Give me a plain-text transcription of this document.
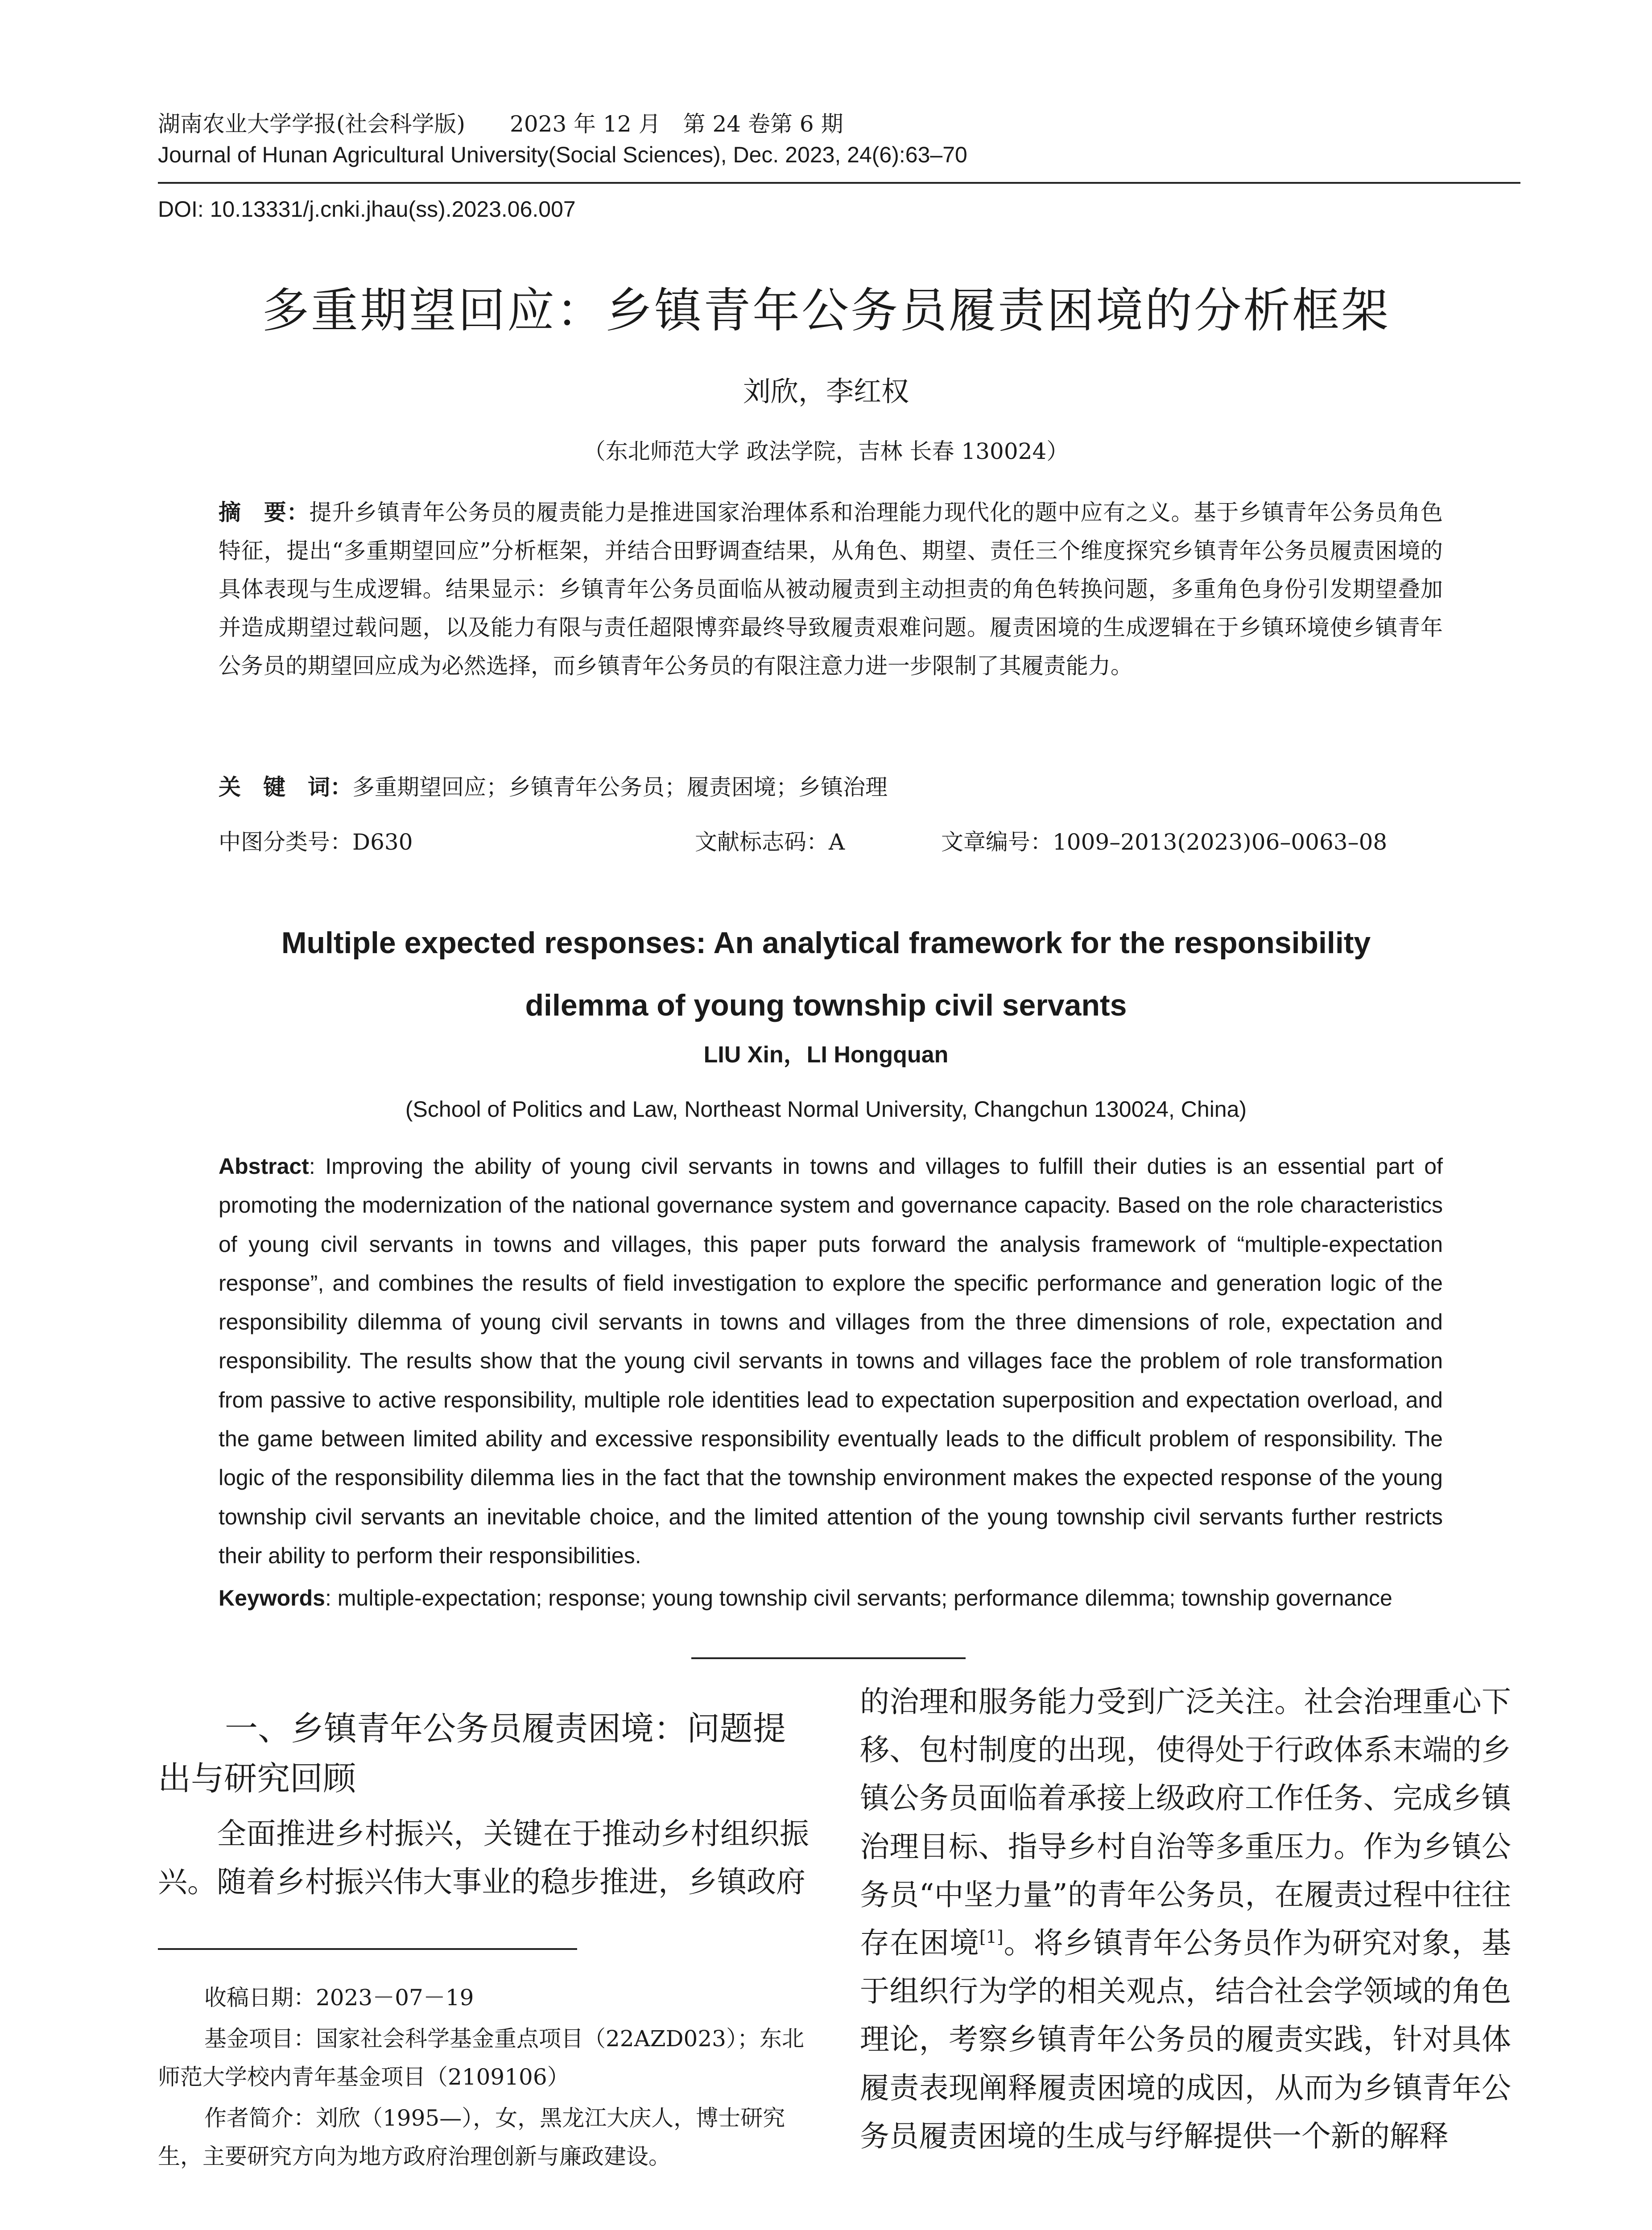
湖南农业大学学报(社会科学版)　　2023 年 12 月　第 24 卷第 6 期
Journal of Hunan Agricultural University(Social Sciences), Dec. 2023, 24(6):63–70
DOI: 10.13331/j.cnki.jhau(ss).2023.06.007
多重期望回应：乡镇青年公务员履责困境的分析框架
刘欣，李红权
（东北师范大学 政法学院，吉林 长春 130024）
摘　要：提升乡镇青年公务员的履责能力是推进国家治理体系和治理能力现代化的题中应有之义。基于乡镇青年公务员角色特征，提出“多重期望回应”分析框架，并结合田野调查结果，从角色、期望、责任三个维度探究乡镇青年公务员履责困境的具体表现与生成逻辑。结果显示：乡镇青年公务员面临从被动履责到主动担责的角色转换问题，多重角色身份引发期望叠加并造成期望过载问题，以及能力有限与责任超限博弈最终导致履责艰难问题。履责困境的生成逻辑在于乡镇环境使乡镇青年公务员的期望回应成为必然选择，而乡镇青年公务员的有限注意力进一步限制了其履责能力。
关　键　词：多重期望回应；乡镇青年公务员；履责困境；乡镇治理
中图分类号：D630	文献标志码：A	文章编号：1009–2013(2023)06–0063–08
Multiple expected responses: An analytical framework for the responsibility
dilemma of young township civil servants
LIU Xin，LI Hongquan
(School of Politics and Law, Northeast Normal University, Changchun 130024, China)
Abstract: Improving the ability of young civil servants in towns and villages to fulfill their duties is an essential part of promoting the modernization of the national governance system and governance capacity. Based on the role characteristics of young civil servants in towns and villages, this paper puts forward the analysis framework of “multiple-expectation response”, and combines the results of field investigation to explore the specific performance and generation logic of the responsibility dilemma of young civil servants in towns and villages from the three dimensions of role, expectation and responsibility. The results show that the young civil servants in towns and villages face the problem of role transformation from passive to active responsibility, multiple role identities lead to expectation superposition and expectation overload, and the game between limited ability and excessive responsibility eventually leads to the difficult problem of responsibility. The logic of the responsibility dilemma lies in the fact that the township environment makes the expected response of the young township civil servants an inevitable choice, and the limited attention of the young township civil servants further restricts their ability to perform their responsibilities.
Keywords: multiple-expectation; response; young township civil servants; performance dilemma; township governance
一、乡镇青年公务员履责困境：问题提出与研究回顾
全面推进乡村振兴，关键在于推动乡村组织振兴。随着乡村振兴伟大事业的稳步推进，乡镇政府
的治理和服务能力受到广泛关注。社会治理重心下移、包村制度的出现，使得处于行政体系末端的乡镇公务员面临着承接上级政府工作任务、完成乡镇治理目标、指导乡村自治等多重压力。作为乡镇公务员“中坚力量”的青年公务员，在履责过程中往往存在困境[1]。将乡镇青年公务员作为研究对象，基于组织行为学的相关观点，结合社会学领域的角色理论，考察乡镇青年公务员的履责实践，针对具体履责表现阐释履责困境的成因，从而为乡镇青年公务员履责困境的生成与纾解提供一个新的解释
收稿日期：2023－07－19
基金项目：国家社会科学基金重点项目（22AZD023）；东北师范大学校内青年基金项目（2109106）
作者简介：刘欣（1995—），女，黑龙江大庆人，博士研究生，主要研究方向为地方政府治理创新与廉政建设。
